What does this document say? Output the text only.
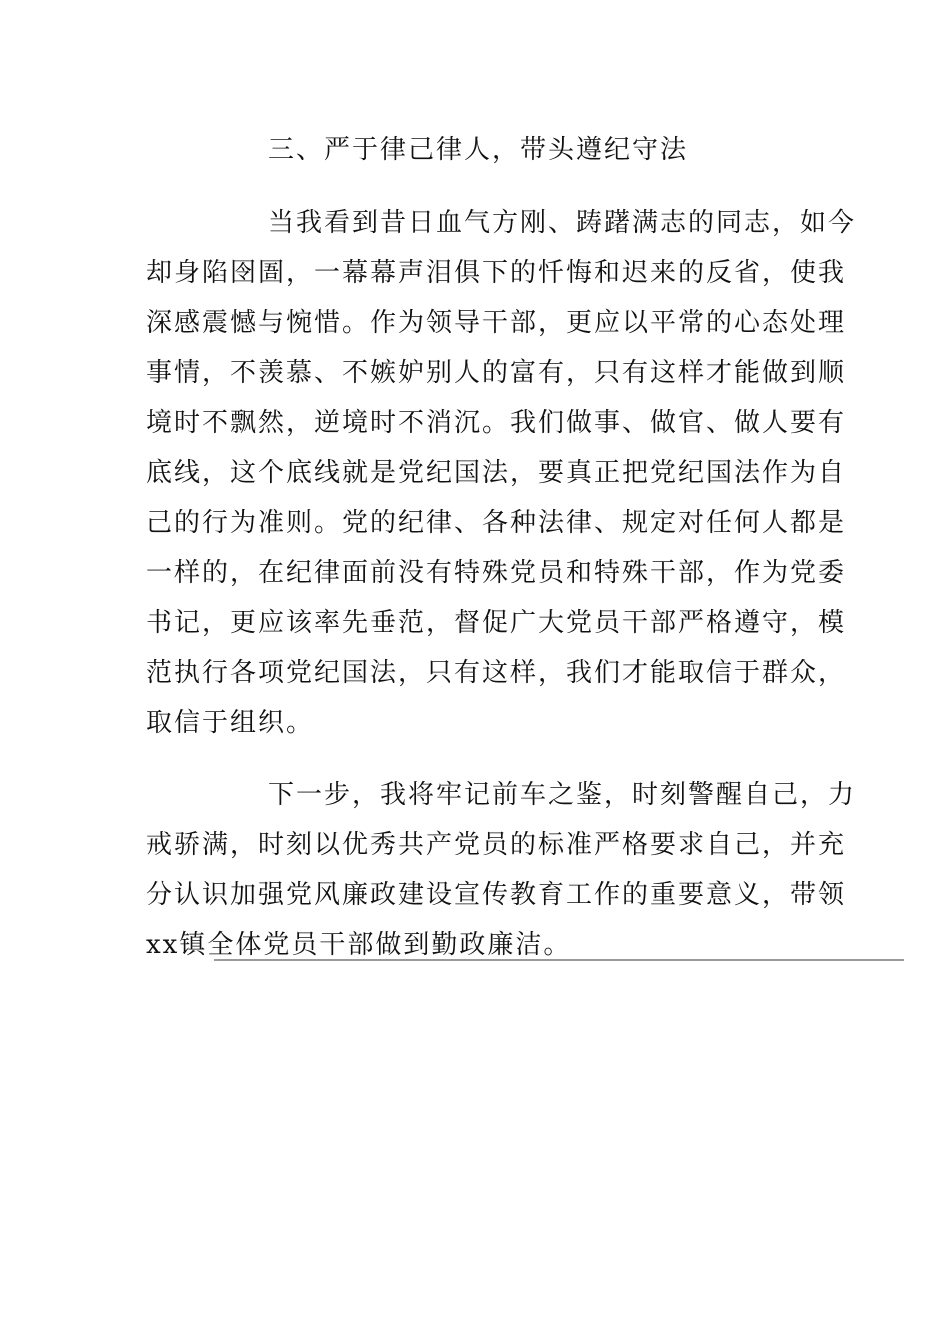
三、严于律己律人，带头遵纪守法
当我看到昔日血气方刚、踌躇满志的同志，如今
却身陷囹圄，一幕幕声泪俱下的忏悔和迟来的反省，使我
深感震憾与惋惜。作为领导干部，更应以平常的心态处理
事情，不羡慕、不嫉妒别人的富有，只有这样才能做到顺
境时不飘然，逆境时不消沉。我们做事、做官、做人要有
底线，这个底线就是党纪国法，要真正把党纪国法作为自
己的行为准则。党的纪律、各种法律、规定对任何人都是
一样的，在纪律面前没有特殊党员和特殊干部，作为党委
书记，更应该率先垂范，督促广大党员干部严格遵守，模
范执行各项党纪国法，只有这样，我们才能取信于群众，
取信于组织。
下一步，我将牢记前车之鉴，时刻警醒自己，力
戒骄满，时刻以优秀共产党员的标准严格要求自己，并充
分认识加强党风廉政建设宣传教育工作的重要意义，带领
xx镇全体党员干部做到勤政廉洁。
